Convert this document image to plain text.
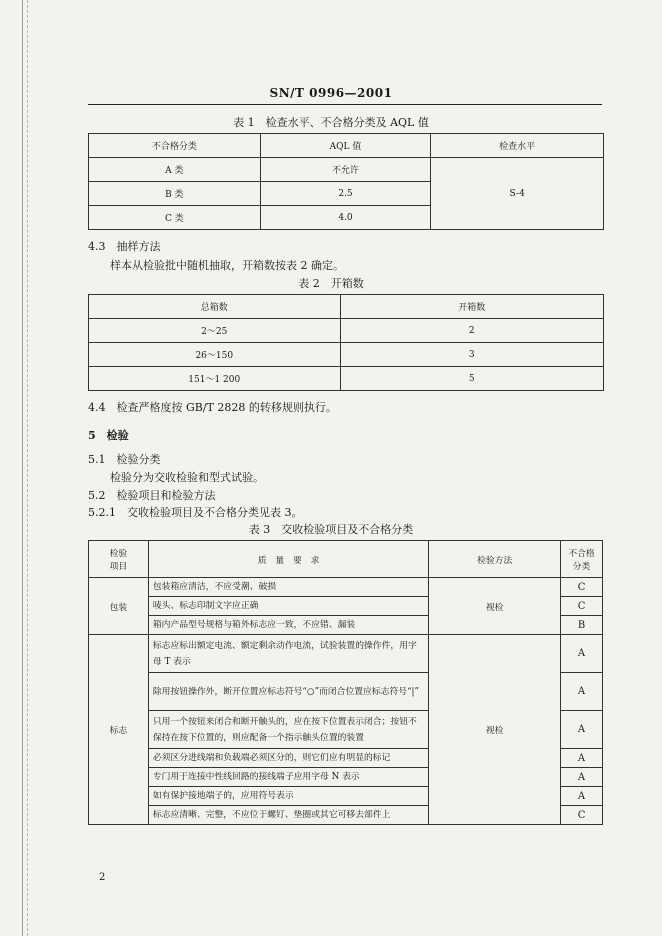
SN/T 0996—2001
表 1　检查水平、不合格分类及 AQL 值
不合格分类	AQL 值	检查水平
A 类	不允许	S-4
B 类	2.5	
C 类	4.0	
4.3　抽样方法
样本从检验批中随机抽取，开箱数按表 2 确定。
表 2　开箱数
总箱数	开箱数
2～25	2
26～150	3
151～1 200	5
4.4　检查严格度按 GB/T 2828 的转移规则执行。
5　检验
5.1　检验分类
检验分为交收检验和型式试验。
5.2　检验项目和检验方法
5.2.1　交收检验项目及不合格分类见表 3。
表 3　交收检验项目及不合格分类
检验
项目	质　量　要　求	检验方法	不合格
分类
包装	包装箱应清洁，不应受潮、破损	视检	C
	唛头、标志印制文字应正确		C
	箱内产品型号规格与箱外标志应一致，不应错、漏装		B
标志	标志应标出额定电流、额定剩余动作电流，试验装置的操作件，用字母 T 表示	视检	A
	除用按钮操作外，断开位置应标志符号“○”而闭合位置应标志符号“|”		A
	只用一个按钮来闭合和断开触头的，应在按下位置表示闭合；按钮不保持在按下位置的，则应配备一个指示触头位置的装置		A
	必须区分进线端和负载端必须区分的，则它们应有明显的标记		A
	专门用于连接中性线回路的接线端子应用字母 N 表示		A
	如有保护接地端子的，应用符号表示		A
	标志应清晰、完整，不应位于螺钉、垫圈或其它可移去部件上		C
2
